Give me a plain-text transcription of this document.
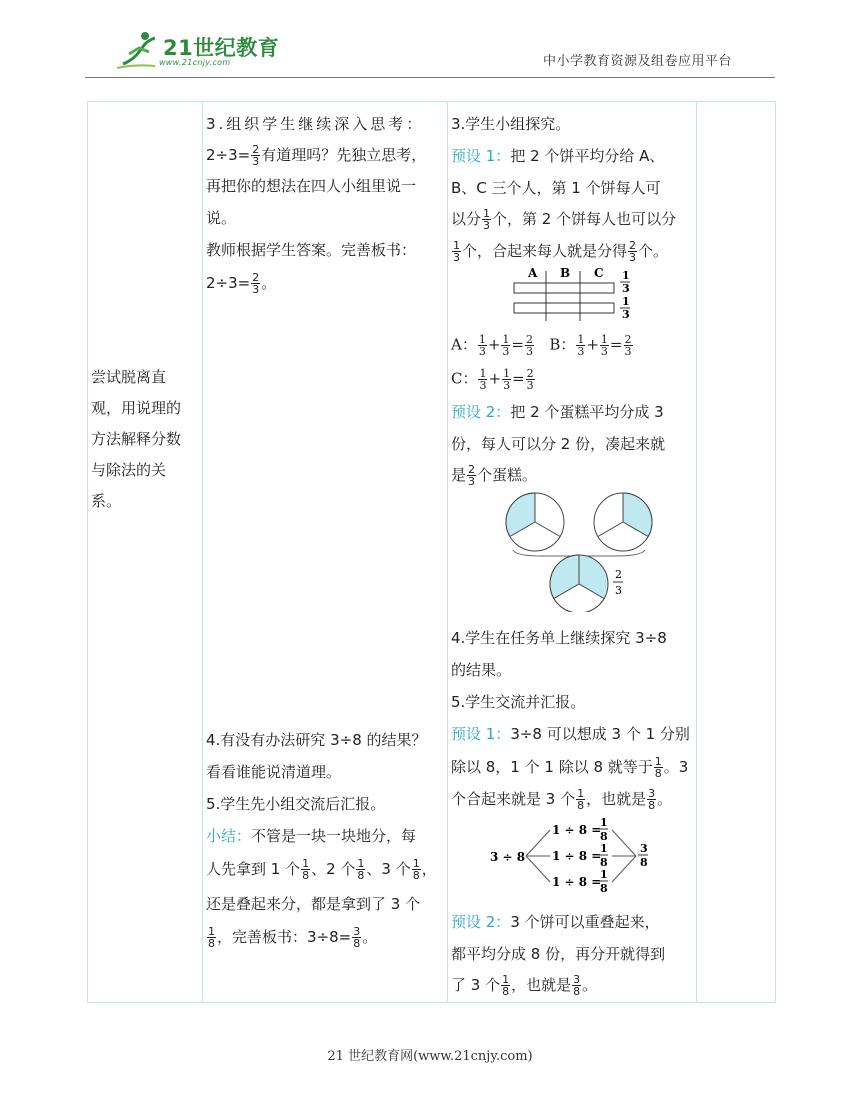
21世纪教育
www.21cnjy.com	中小学教育资源及组卷应用平台
尝试脱离直
观，用说理的
方法解释分数
与除法的关
系。

3.组织学生继续深入思考：
$2\div 3= \frac{2}{3}$ 有道理吗？先独立思考，
再把你的想法在四人小组里说一
说。
教师根据学生答案。完善板书：
$2\div 3= \frac{2}{3}$ 。
4.有没有办法研究 3÷8 的结果？
看看谁能说清道理。
5.学生先小组交流后汇报。
小结：不管是一块一块地分，每
人先拿到 1 个 $\frac{1}{8}$ 、2 个 $\frac{1}{8}$ 、3 个 $\frac{1}{8}$ ，
还是叠起来分，都是拿到了 3 个
$\frac{1}{8}$ ，完善板书：$3\div 8= \frac{3}{8}$ 。

3.学生小组探究。
预设 1：把 2 个饼平均分给 A、
B、C 三个人，第 1 个饼每人可
以分 $\frac{1}{3}$ 个，第 2 个饼每人也可以分
$\frac{1}{3}$ 个，合起来每人就是分得 $\frac{2}{3}$ 个。
A B C 1
3
1
3
A： $\frac{1}{3} + \frac{1}{3} = \frac{2}{3}$ B： $\frac{1}{3} + \frac{1}{3} = \frac{2}{3}$
C： $\frac{1}{3} + \frac{1}{3} = \frac{2}{3}$
预设 2：把 2 个蛋糕平均分成 3
份，每人可以分 2 份，凑起来就
是 $\frac{2}{3}$ 个蛋糕。
2
3
4.学生在任务单上继续探究 3÷8
的结果。
5.学生交流并汇报。
预设 1：3÷8 可以想成 3 个 1 分别
除以 8，1 个 1 除以 8 就等于 $\frac{1}{8}$ 。3
个合起来就是 3 个 $\frac{1}{8}$ ，也就是 $\frac{3}{8}$ 。
3 ÷ 8
1 ÷ 8 =
1 ÷ 8 =
1 ÷ 8 =
1
8
1
8
1
8
3
8
预设 2：3 个饼可以重叠起来，
都平均分成 8 份，再分开就得到
了 3 个 $\frac{1}{8}$ ，也就是 $\frac{3}{8}$ 。

21 世纪教育网(www.21cnjy.com)
